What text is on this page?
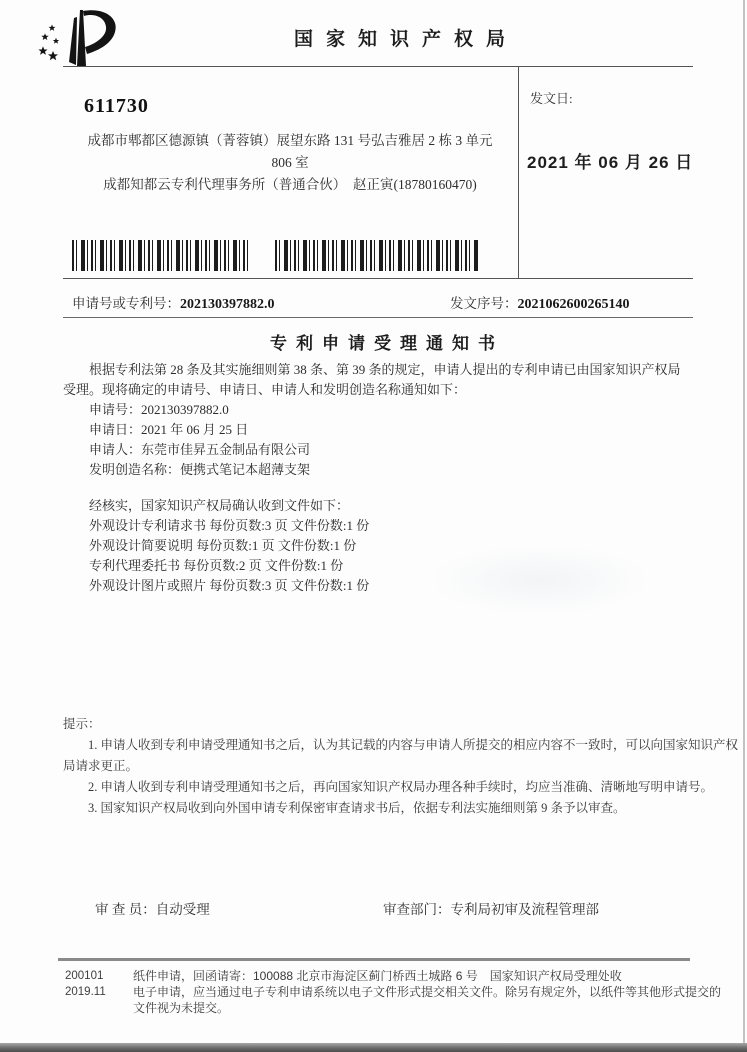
国家知识产权局
611730
成都市郫都区德源镇（菁蓉镇）展望东路 131 号弘吉雅居 2 栋 3 单元
806 室
成都知都云专利代理事务所（普通合伙）　赵正寅(18780160470)
发文日:
2021 年 06 月 26 日
申请号或专利号：202130397882.0	发文序号：2021062600265140
专利申请受理通知书

根据专利法第 28 条及其实施细则第 38 条、第 39 条的规定，申请人提出的专利申请已由国家知识产权局受理。现将确定的申请号、申请日、申请人和发明创造名称通知如下：

申请号：202130397882.0
申请日：2021 年 06 月 25 日
申请人：东莞市佳昇五金制品有限公司
发明创造名称：便携式笔记本超薄支架
经核实，国家知识产权局确认收到文件如下：
外观设计专利请求书 每份页数:3 页 文件份数:1 份
外观设计简要说明 每份页数:1 页 文件份数:1 份
专利代理委托书 每份页数:2 页 文件份数:1 份
外观设计图片或照片 每份页数:3 页 文件份数:1 份

提示：

1. 申请人收到专利申请受理通知书之后，认为其记载的内容与申请人所提交的相应内容不一致时，可以向国家知识产权局请求更正。

2. 申请人收到专利申请受理通知书之后，再向国家知识产权局办理各种手续时，均应当准确、清晰地写明申请号。

3. 国家知识产权局收到向外国申请专利保密审查请求书后，依据专利法实施细则第 9 条予以审查。

审 查 员：自动受理	审查部门：专利局初审及流程管理部
200101
2019.11
纸件申请，回函请寄：100088 北京市海淀区蓟门桥西土城路 6 号　国家知识产权局受理处收
电子申请，应当通过电子专利申请系统以电子文件形式提交相关文件。除另有规定外，以纸件等其他形式提交的文件视为未提交。
